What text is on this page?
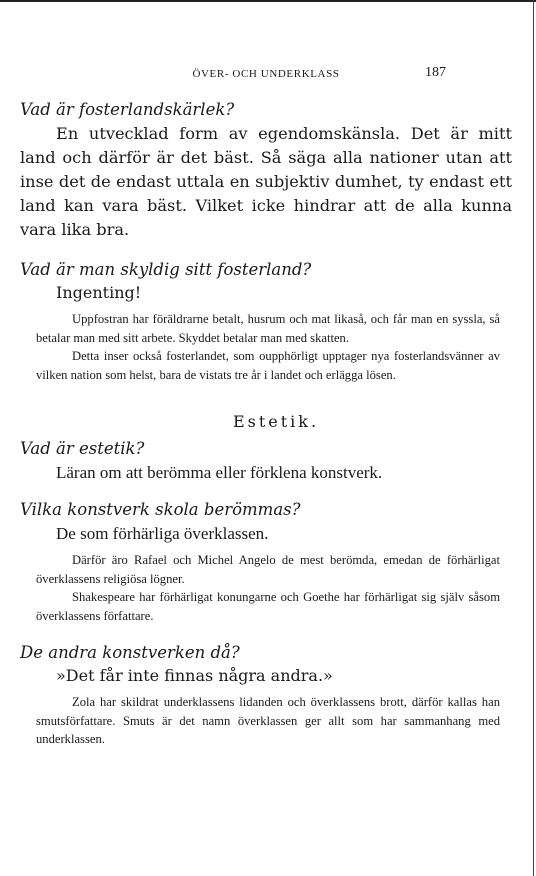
ÖVER- OCH UNDERKLASS	187

Vad är fosterlandskärlek?

En utvecklad form av egendomskänsla. Det är mitt land och därför är det bäst. Så säga alla nationer utan att inse det de endast uttala en subjektiv dumhet, ty endast ett land kan vara bäst. Vilket icke hindrar att de alla kunna vara lika bra.

Vad är man skyldig sitt fosterland?

Ingenting!

Uppfostran har föräldrarne betalt, husrum och mat likaså, och får man en syssla, så betalar man med sitt arbete. Skyddet betalar man med skatten.

Detta inser också fosterlandet, som oupphörligt upptager nya fosterlandsvänner av vilken nation som helst, bara de vistats tre år i landet och erlägga lösen.

Estetik.

Vad är estetik?

Läran om att berömma eller förklena konstverk.

Vilka konstverk skola berömmas?

De som förhärliga överklassen.

Därför äro Rafael och Michel Angelo de mest berömda, emedan de förhärligat överklassens religiösa lögner.

Shakespeare har förhärligat konungarne och Goethe har förhärligat sig själv såsom överklassens författare.

De andra konstverken då?

»Det får inte finnas några andra.»

Zola har skildrat underklassens lidanden och överklassens brott, därför kallas han smutsförfattare. Smuts är det namn överklassen ger allt som har sammanhang med underklassen.
